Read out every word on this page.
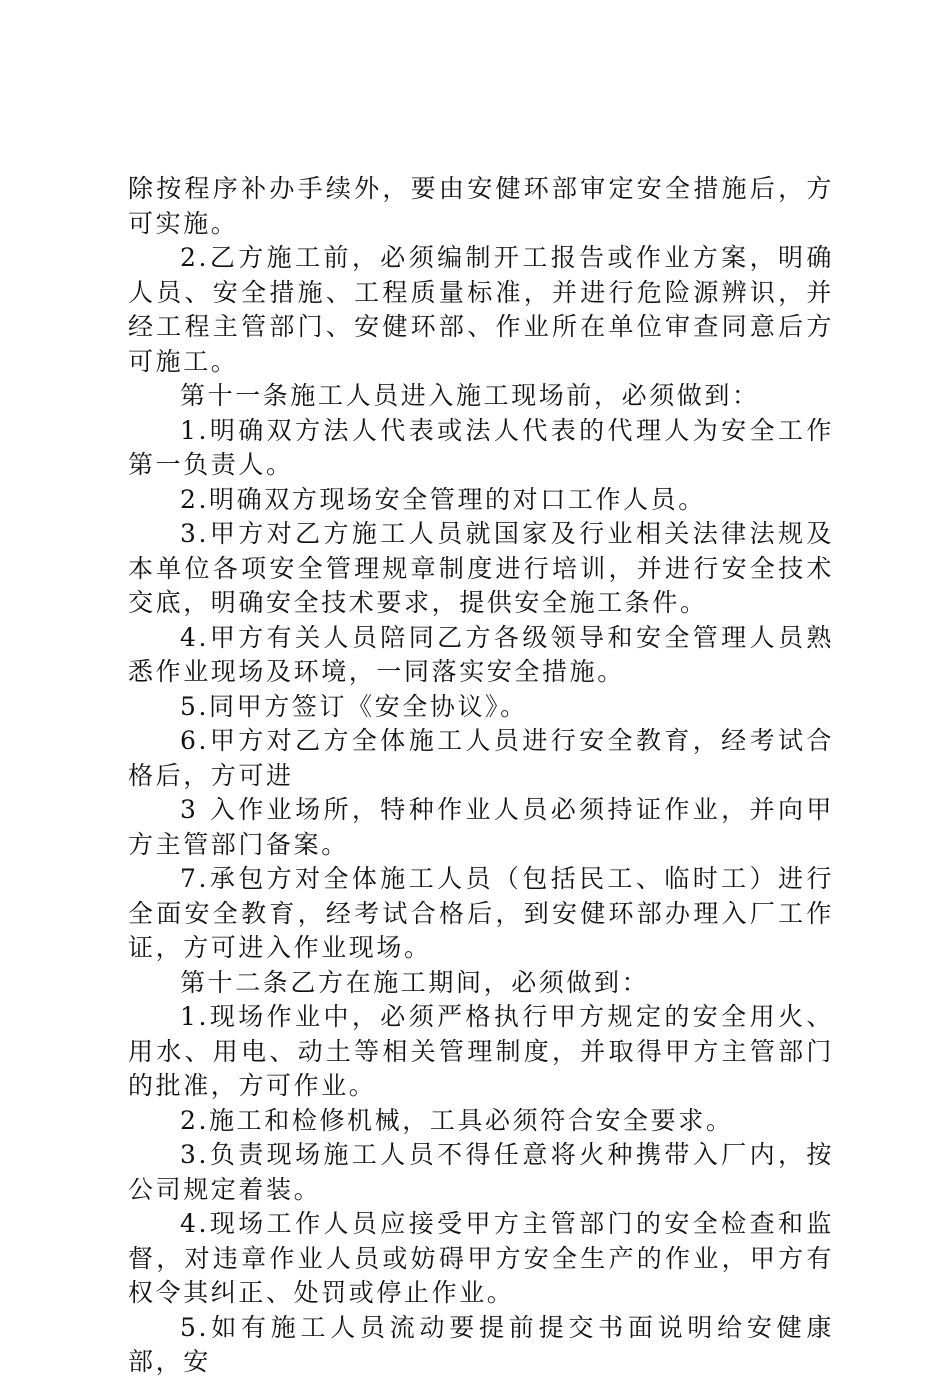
除按程序补办手续外，要由安健环部审定安全措施后，方可实施。

2.乙方施工前，必须编制开工报告或作业方案，明确人员、安全措施、工程质量标准，并进行危险源辨识，并经工程主管部门、安健环部、作业所在单位审查同意后方可施工。

第十一条施工人员进入施工现场前，必须做到：

1.明确双方法人代表或法人代表的代理人为安全工作第一负责人。

2.明确双方现场安全管理的对口工作人员。

3.甲方对乙方施工人员就国家及行业相关法律法规及本单位各项安全管理规章制度进行培训，并进行安全技术交底，明确安全技术要求，提供安全施工条件。

4.甲方有关人员陪同乙方各级领导和安全管理人员熟悉作业现场及环境，一同落实安全措施。

5.同甲方签订《安全协议》。

6.甲方对乙方全体施工人员进行安全教育，经考试合格后，方可进

3 入作业场所，特种作业人员必须持证作业，并向甲方主管部门备案。

7.承包方对全体施工人员（包括民工、临时工）进行全面安全教育，经考试合格后，到安健环部办理入厂工作证，方可进入作业现场。

第十二条乙方在施工期间，必须做到：

1.现场作业中，必须严格执行甲方规定的安全用火、用水、用电、动土等相关管理制度，并取得甲方主管部门的批准，方可作业。

2.施工和检修机械，工具必须符合安全要求。

3.负责现场施工人员不得任意将火种携带入厂内，按公司规定着装。

4.现场工作人员应接受甲方主管部门的安全检查和监督，对违章作业人员或妨碍甲方安全生产的作业，甲方有权令其纠正、处罚或停止作业。

5.如有施工人员流动要提前提交书面说明给安健康部，安
